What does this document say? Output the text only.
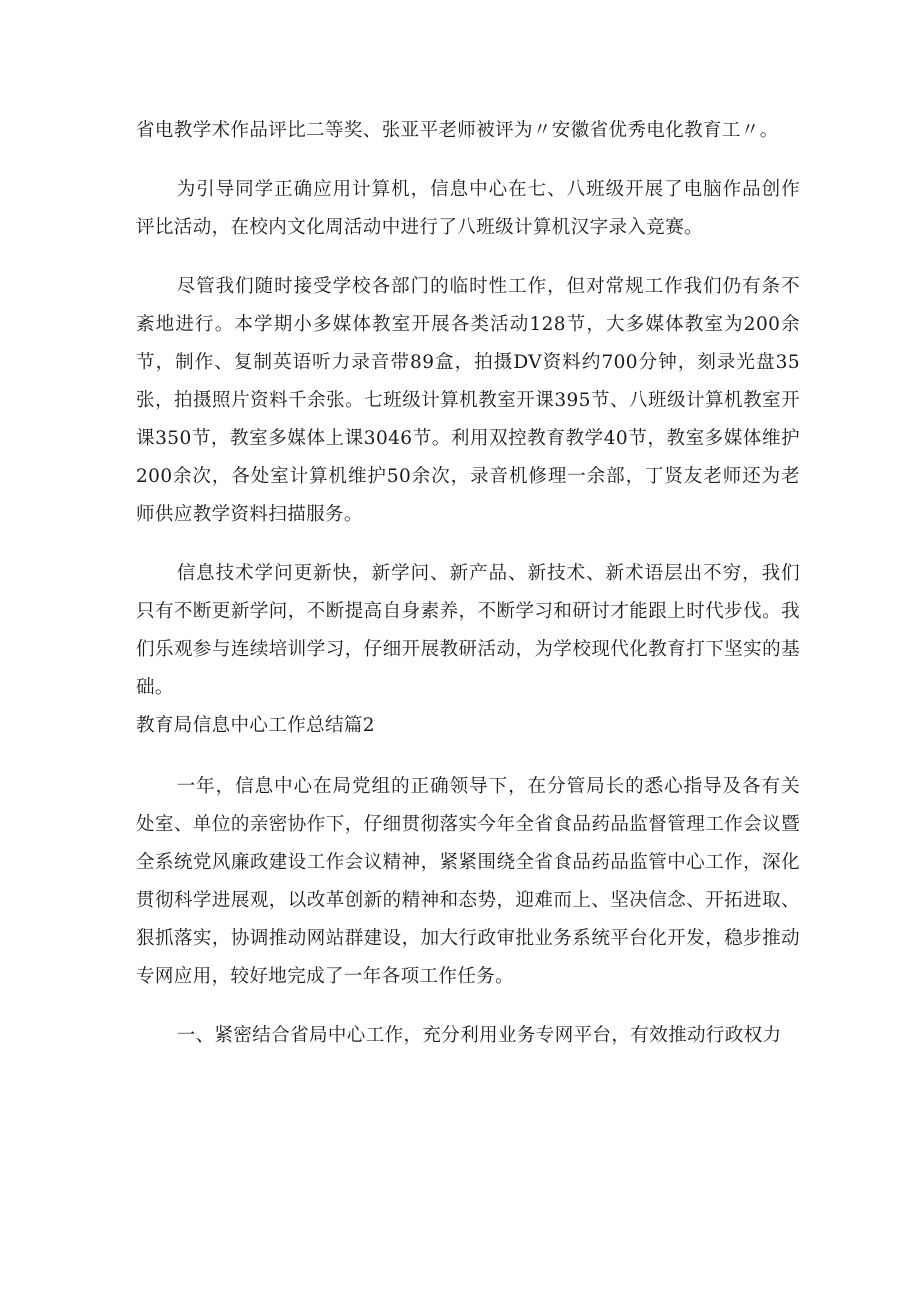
省电教学术作品评比二等奖、张亚平老师被评为〃安徽省优秀电化教育工〃。

为引导同学正确应用计算机，信息中心在七、八班级开展了电脑作品创作评比活动，在校内文化周活动中进行了八班级计算机汉字录入竞赛。

尽管我们随时接受学校各部门的临时性工作，但对常规工作我们仍有条不紊地进行。本学期小多媒体教室开展各类活动128节，大多媒体教室为200余节，制作、复制英语听力录音带89盒，拍摄DV资料约700分钟，刻录光盘35张，拍摄照片资料千余张。七班级计算机教室开课395节、八班级计算机教室开课350节，教室多媒体上课3046节。利用双控教育教学40节，教室多媒体维护200余次，各处室计算机维护50余次，录音机修理一余部，丁贤友老师还为老师供应教学资料扫描服务。

信息技术学问更新快，新学问、新产品、新技术、新术语层出不穷，我们只有不断更新学问，不断提高自身素养，不断学习和研讨才能跟上时代步伐。我们乐观参与连续培训学习，仔细开展教研活动，为学校现代化教育打下坚实的基础。

教育局信息中心工作总结篇2

一年，信息中心在局党组的正确领导下，在分管局长的悉心指导及各有关处室、单位的亲密协作下，仔细贯彻落实今年全省食品药品监督管理工作会议暨全系统党风廉政建设工作会议精神，紧紧围绕全省食品药品监管中心工作，深化贯彻科学进展观，以改革创新的精神和态势，迎难而上、坚决信念、开拓进取、狠抓落实，协调推动网站群建设，加大行政审批业务系统平台化开发，稳步推动专网应用，较好地完成了一年各项工作任务。

一、紧密结合省局中心工作，充分利用业务专网平台，有效推动行政权力
